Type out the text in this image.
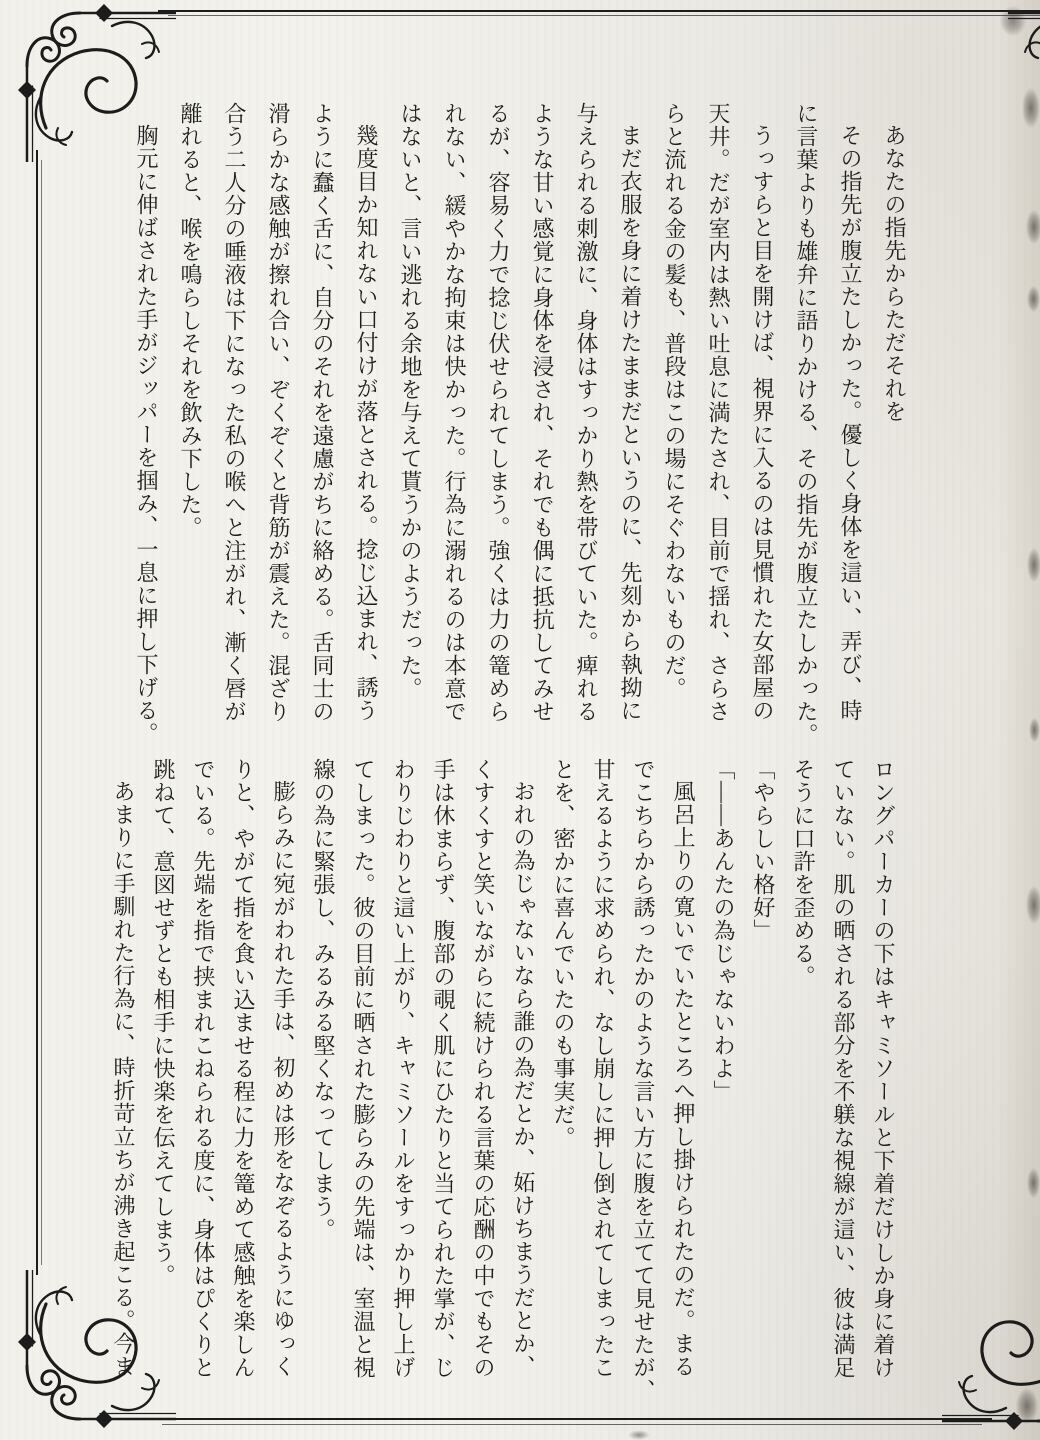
あなたの指先からただそれを

その指先が腹立たしかった。優しく身体を這い、弄び、時

に言葉よりも雄弁に語りかける、その指先が腹立たしかった。

うっすらと目を開けば、視界に入るのは見慣れた女部屋の

天井。だが室内は熱い吐息に満たされ、目前で揺れ、さらさ

らと流れる金の髪も、普段はこの場にそぐわないものだ。

まだ衣服を身に着けたままだというのに、先刻から執拗に

与えられる刺激に、身体はすっかり熱を帯びていた。痺れる

ような甘い感覚に身体を浸され、それでも偶に抵抗してみせ

るが、容易く力で捻じ伏せられてしまう。強くは力の篭めら

れない、緩やかな拘束は快かった。行為に溺れるのは本意で

はないと、言い逃れる余地を与えて貰うかのようだった。

幾度目か知れない口付けが落とされる。捻じ込まれ、誘う

ように蠢く舌に、自分のそれを遠慮がちに絡める。舌同士の

滑らかな感触が擦れ合い、ぞくぞくと背筋が震えた。混ざり

合う二人分の唾液は下になった私の喉へと注がれ、漸く唇が

離れると、喉を鳴らしそれを飲み下した。

胸元に伸ばされた手がジッパーを掴み、一息に押し下げる。

ロングパーカーの下はキャミソールと下着だけしか身に着け

ていない。肌の晒される部分を不躾な視線が這い、彼は満足

そうに口許を歪める。

「やらしい格好」

「――あんたの為じゃないわよ」

風呂上りの寛いでいたところへ押し掛けられたのだ。まる

でこちらから誘ったかのような言い方に腹を立てて見せたが、

甘えるように求められ、なし崩しに押し倒されてしまったこ

とを、密かに喜んでいたのも事実だ。

おれの為じゃないなら誰の為だとか、妬けちまうだとか、

くすくすと笑いながらに続けられる言葉の応酬の中でもその

手は休まらず、腹部の覗く肌にひたりと当てられた掌が、じ

わりじわりと這い上がり、キャミソールをすっかり押し上げ

てしまった。彼の目前に晒された膨らみの先端は、室温と視

線の為に緊張し、みるみる堅くなってしまう。

膨らみに宛がわれた手は、初めは形をなぞるようにゆっく

りと、やがて指を食い込ませる程に力を篭めて感触を楽しん

でいる。先端を指で挟まれこねられる度に、身体はぴくりと

跳ねて、意図せずとも相手に快楽を伝えてしまう。

あまりに手馴れた行為に、時折苛立ちが沸き起こる。今ま
